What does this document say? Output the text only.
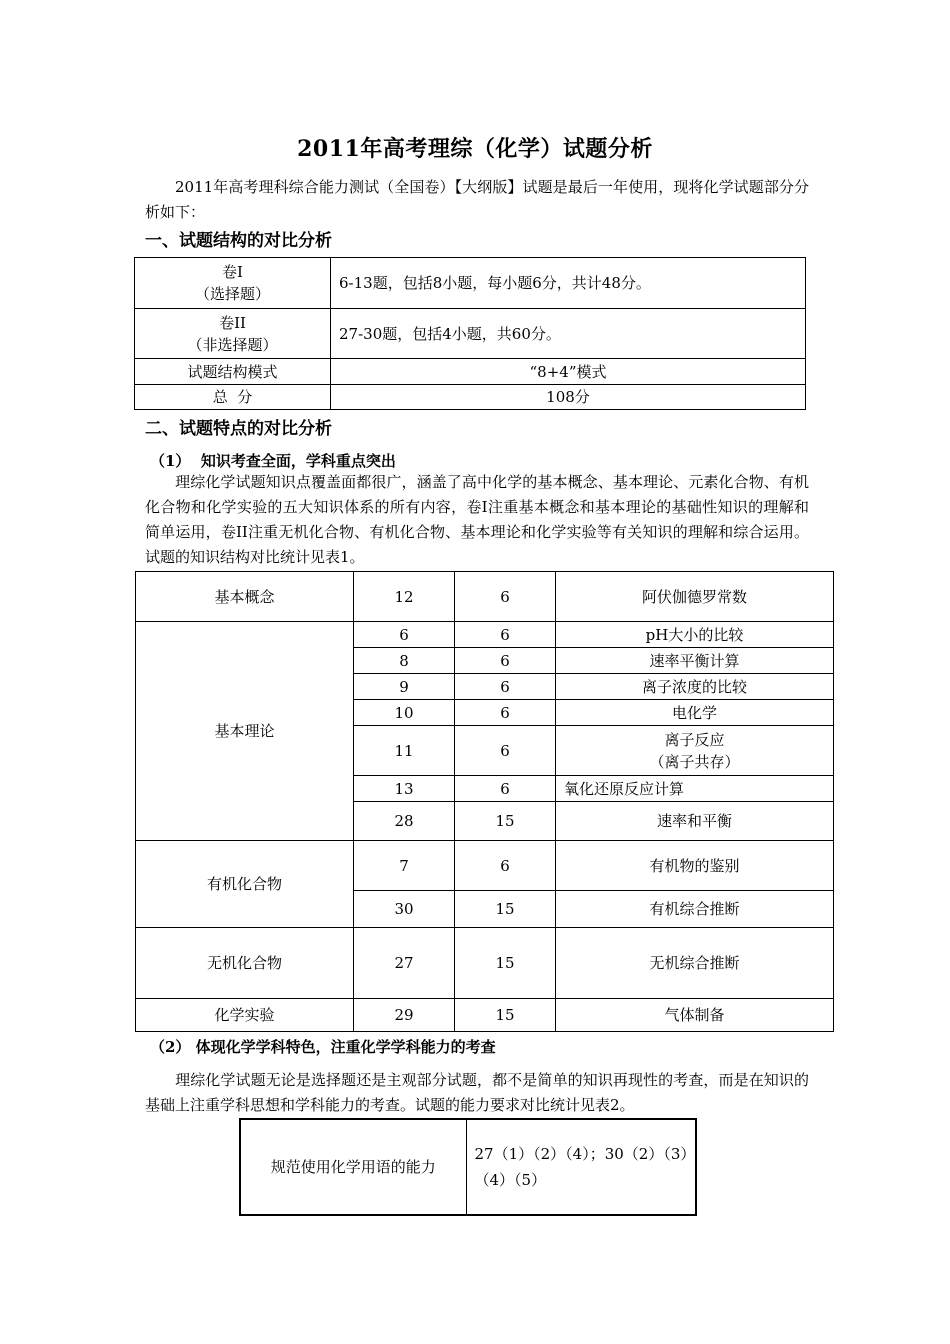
2011年高考理综（化学）试题分析
2011年高考理科综合能力测试（全国卷）【大纲版】试题是最后一年使用，现将化学试题部分分析如下：
一、试题结构的对比分析
卷I
（选择题）	6-13题，包括8小题，每小题6分，共计48分。

卷II
（非选择题）	27-30题，包括4小题，共60分。
试题结构模式	“8+4”模式
总  分	108分
二、试题特点的对比分析
（1）  知识考查全面，学科重点突出
理综化学试题知识点覆盖面都很广，涵盖了高中化学的基本概念、基本理论、元素化合物、有机化合物和化学实验的五大知识体系的所有内容，卷I注重基本概念和基本理论的基础性知识的理解和简单运用，卷II注重无机化合物、有机化合物、基本理论和化学实验等有关知识的理解和综合运用。试题的知识结构对比统计见表1。
基本概念	12	6	阿伏伽德罗常数
基本理论	6	6	pH大小的比较
	8	6	速率平衡计算
	9	6	离子浓度的比较
	10	6	电化学
	11	6	离子反应
（离子共存）

	13	6	氧化还原反应计算
	28	15	速率和平衡
有机化合物	7	6	有机物的鉴别
	30	15	有机综合推断
无机化合物	27	15	无机综合推断
化学实验	29	15	气体制备
（2） 体现化学学科特色，注重化学学科能力的考查
理综化学试题无论是选择题还是主观部分试题，都不是简单的知识再现性的考查，而是在知识的基础上注重学科思想和学科能力的考查。试题的能力要求对比统计见表2。
规范使用化学用语的能力	27（1）（2）（4）；30（2）（3）（4）（5）
